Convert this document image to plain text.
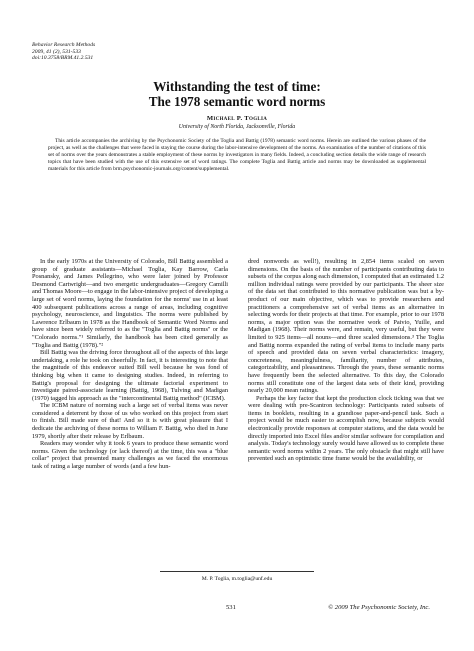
Behavior Research Methods
2009, 41 (2), 531-533
doi:10.3758/BRM.41.2.531
Withstanding the test of time:
The 1978 semantic word norms
Michael P. Toglia
University of North Florida, Jacksonville, Florida

This article accompanies the archiving by the Psychonomic Society of the Toglia and Battig (1978) semantic word norms. Herein are outlined the various phases of the project, as well as the challenges that were faced in staying the course during the labor-intensive development of the norms. An examination of the number of citations of this set of norms over the years demonstrates a stable employment of these norms by investigators in many fields. Indeed, a concluding section details the wide range of research topics that have been studied with the use of this extensive set of word ratings. The complete Toglia and Battig article and norms may be downloaded as supplemental materials for this article from brm.psychonomic-journals.org/content/supplemental.

In the early 1970s at the University of Colorado, Bill Battig assembled a group of graduate assistants—Michael Toglia, Kay Barrow, Carla Posnansky, and James Pellegrino, who were later joined by Professor Desmond Cartwright—and two energetic undergraduates—Gregory Camilli and Thomas Moore—to engage in the labor-intensive project of developing a large set of word norms, laying the foundation for the norms' use in at least 400 subsequent publications across a range of areas, including cognitive psychology, neuroscience, and linguistics. The norms were published by Lawrence Erlbaum in 1978 as the Handbook of Semantic Word Norms and have since been widely referred to as the "Toglia and Battig norms" or the "Colorado norms."¹ Similarly, the handbook has been cited generally as "Toglia and Battig (1978)."²

Bill Battig was the driving force throughout all of the aspects of this large undertaking, a role he took on cheerfully. In fact, it is interesting to note that the magnitude of this endeavor suited Bill well because he was fond of thinking big when it came to designing studies. Indeed, in referring to Battig's proposal for designing the ultimate factorial experiment to investigate paired-associate learning (Battig, 1968), Tulving and Madigan (1970) tagged his approach as the "intercontinental Battig method" (ICBM).

The ICBM nature of norming such a large set of verbal items was never considered a deterrent by those of us who worked on this project from start to finish. Bill made sure of that! And so it is with great pleasure that I dedicate the archiving of these norms to William F. Battig, who died in June 1979, shortly after their release by Erlbaum.

Readers may wonder why it took 6 years to produce these semantic word norms. Given the technology (or lack thereof) at the time, this was a "blue collar" project that presented many challenges as we faced the enormous task of rating a large number of words (and a few hun-

dred nonwords as well!), resulting in 2,854 items scaled on seven dimensions. On the basis of the number of participants contributing data to subsets of the corpus along each dimension, I computed that an estimated 1.2 million individual ratings were provided by our participants. The sheer size of the data set that contributed to this normative publication was but a by-product of our main objective, which was to provide researchers and practitioners a comprehensive set of verbal items as an alternative in selecting words for their projects at that time. For example, prior to our 1978 norms, a major option was the normative work of Paivio, Yuille, and Madigan (1968). Their norms were, and remain, very useful, but they were limited to 925 items—all nouns—and three scaled dimensions.³ The Toglia and Battig norms expanded the rating of verbal items to include many parts of speech and provided data on seven verbal characteristics: imagery, concreteness, meaningfulness, familiarity, number of attributes, categorizability, and pleasantness. Through the years, these semantic norms have frequently been the selected alternative. To this day, the Colorado norms still constitute one of the largest data sets of their kind, providing nearly 20,000 mean ratings.

Perhaps the key factor that kept the production clock ticking was that we were dealing with pre-Scantron technology: Participants rated subsets of items in booklets, resulting in a grandiose paper-and-pencil task. Such a project would be much easier to accomplish now, because subjects would electronically provide responses at computer stations, and the data would be directly imported into Excel files and/or similar software for compilation and analysis. Today's technology surely would have allowed us to complete these semantic word norms within 2 years. The only obstacle that might still have prevented such an optimistic time frame would be the availability, or

M. P. Toglia, m.toglia@unf.edu
531	© 2009 The Psychonomic Society, Inc.
